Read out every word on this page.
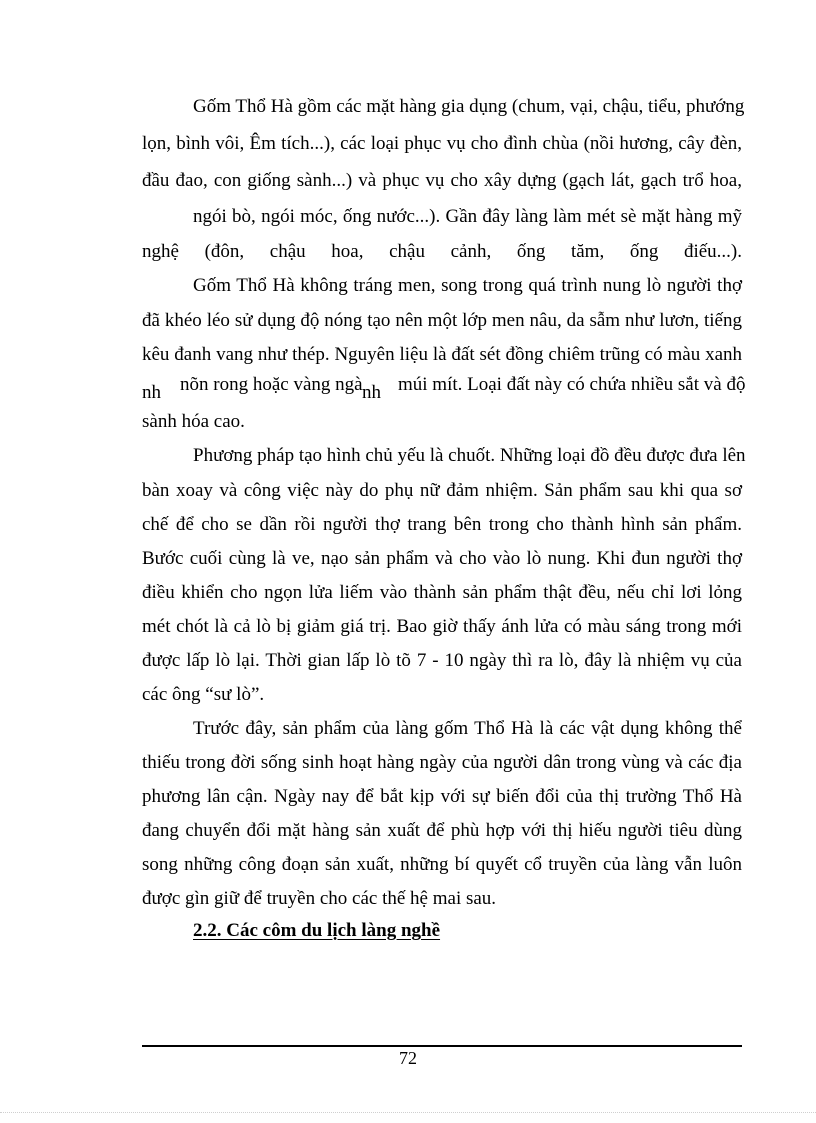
Gốm Thổ Hà gồm các mặt hàng gia dụng (chum, vại, chậu, tiểu, phướng
lọn, bình vôi, Êm tích...), các loại phục vụ cho đình chùa (nồi hương, cây đèn,
đầu đao, con giống sành...) và phục vụ cho xây dựng (gạch lát, gạch trổ hoa,
ngói bò, ngói móc, ống nước...). Gần đây làng làm mét sè mặt hàng mỹ
nghệ (đôn, chậu hoa, chậu cảnh, ống tăm, ống điếu...).
Gốm Thổ Hà không tráng men, song trong quá trình nung lò người thợ
đã khéo léo sử dụng độ nóng tạo nên một lớp men nâu, da sẫm như lươn, tiếng
kêu đanh vang như thép. Nguyên liệu là đất sét đồng chiêm trũng có màu xanh
nh nõn rong hoặc vàng ngà nh múi mít. Loại đất này có chứa nhiều sắt và độ
sành hóa cao.
Phương pháp tạo hình chủ yếu là chuốt. Những loại đồ đều được đưa lên
bàn xoay và công việc này do phụ nữ đảm nhiệm. Sản phẩm sau khi qua sơ
chế để cho se dần rồi người thợ trang bên trong cho thành hình sản phẩm.
Bước cuối cùng là ve, nạo sản phẩm và cho vào lò nung. Khi đun người thợ
điều khiển cho ngọn lửa liếm vào thành sản phẩm thật đều, nếu chỉ lơi lỏng
mét chót là cả lò bị giảm giá trị. Bao giờ thấy ánh lửa có màu sáng trong mới
được lấp lò lại. Thời gian lấp lò tõ 7 - 10 ngày thì ra lò, đây là nhiệm vụ của
các ông “sư lò”.
Trước đây, sản phẩm của làng gốm Thổ Hà là các vật dụng không thể
thiếu trong đời sống sinh hoạt hàng ngày của người dân trong vùng và các địa
phương lân cận. Ngày nay để bắt kịp với sự biến đổi của thị trường Thổ Hà
đang chuyển đổi mặt hàng sản xuất để phù hợp với thị hiếu người tiêu dùng
song những công đoạn sản xuất, những bí quyết cổ truyền của làng vẫn luôn
được gìn giữ để truyền cho các thế hệ mai sau.
2.2. Các côm du lịch làng nghề
72
